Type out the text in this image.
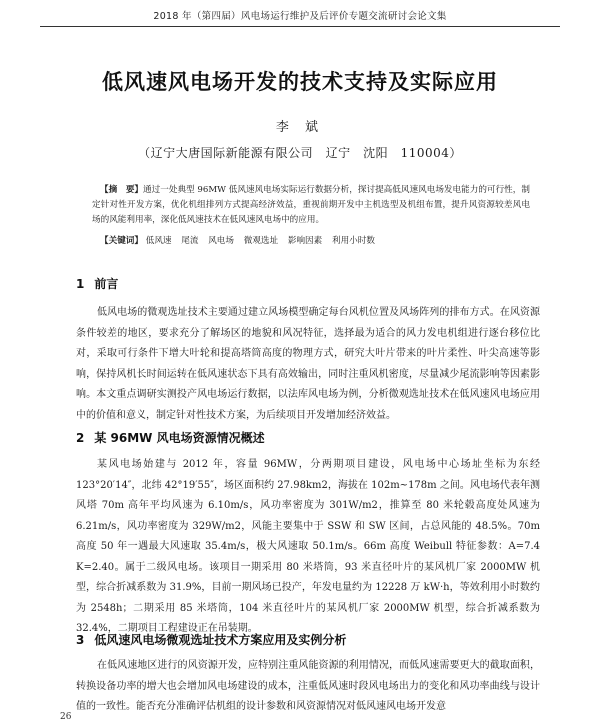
2018 年（第四届）风电场运行维护及后评价专题交流研讨会论文集
低风速风电场开发的技术支持及实际应用
李 斌
（辽宁大唐国际新能源有限公司　辽宁　沈阳　110004）
【摘　要】通过一处典型 96MW 低风速风电场实际运行数据分析，探讨提高低风速风电场发电能力的可行性，制定针对性开发方案，优化机组排列方式提高经济效益，重视前期开发中主机选型及机组布置，提升风资源较差风电场的风能利用率，深化低风速技术在低风速风电场中的应用。
【关键词】 低风速 尾流 风电场 微观选址 影响因素 利用小时数
1 前言
低风电场的微观选址技术主要通过建立风场模型确定每台风机位置及风场阵列的排布方式。在风资源条件较差的地区，要求充分了解场区的地貌和风况特征，选择最为适合的风力发电机组进行逐台移位比对，采取可行条件下增大叶轮和提高塔筒高度的物理方式，研究大叶片带来的叶片柔性、叶尖高速等影响，保持风机长时间运转在低风速状态下具有高效输出，同时注重风机密度，尽量减少尾流影响等因素影响。本文重点调研实测投产风电场运行数据，以法库风电场为例，分析微观选址技术在低风速风电场应用中的价值和意义，制定针对性技术方案，为后续项目开发增加经济效益。
2 某 96MW 风电场资源情况概述
某风电场始建与 2012 年，容量 96MW，分两期项目建设，风电场中心场址坐标为东经 123°20′14″，北纬 42°19′55″，场区面积约 27.98km2，海拔在 102m~178m 之间。风电场代表年测风塔 70m 高年平均风速为 6.10m/s，风功率密度为 301W/m2，推算至 80 米轮毂高度处风速为 6.21m/s，风功率密度为 329W/m2，风能主要集中于 SSW 和 SW 区间，占总风能的 48.5%。70m 高度 50 年一遇最大风速取 35.4m/s，极大风速取 50.1m/s。66m 高度 Weibull 特征参数：A=7.4 K=2.40。属于二级风电场。该项目一期采用 80 米塔筒，93 米直径叶片的某风机厂家 2000MW 机型，综合折减系数为 31.9%，目前一期风场已投产，年发电量约为 12228 万 kW·h，等效利用小时数约为 2548h；二期采用 85 米塔筒，104 米直径叶片的某风机厂家 2000MW 机型，综合折减系数为 32.4%，二期项目工程建设正在吊装期。
3 低风速风电场微观选址技术方案应用及实例分析
在低风速地区进行的风资源开发，应特别注重风能资源的利用情况，而低风速需要更大的截取面积，转换设备功率的增大也会增加风电场建设的成本，注重低风速时段风电场出力的变化和风功率曲线与设计值的一致性。能否充分准确评估机组的设计参数和风资源情况对低风速风电场开发意
26
